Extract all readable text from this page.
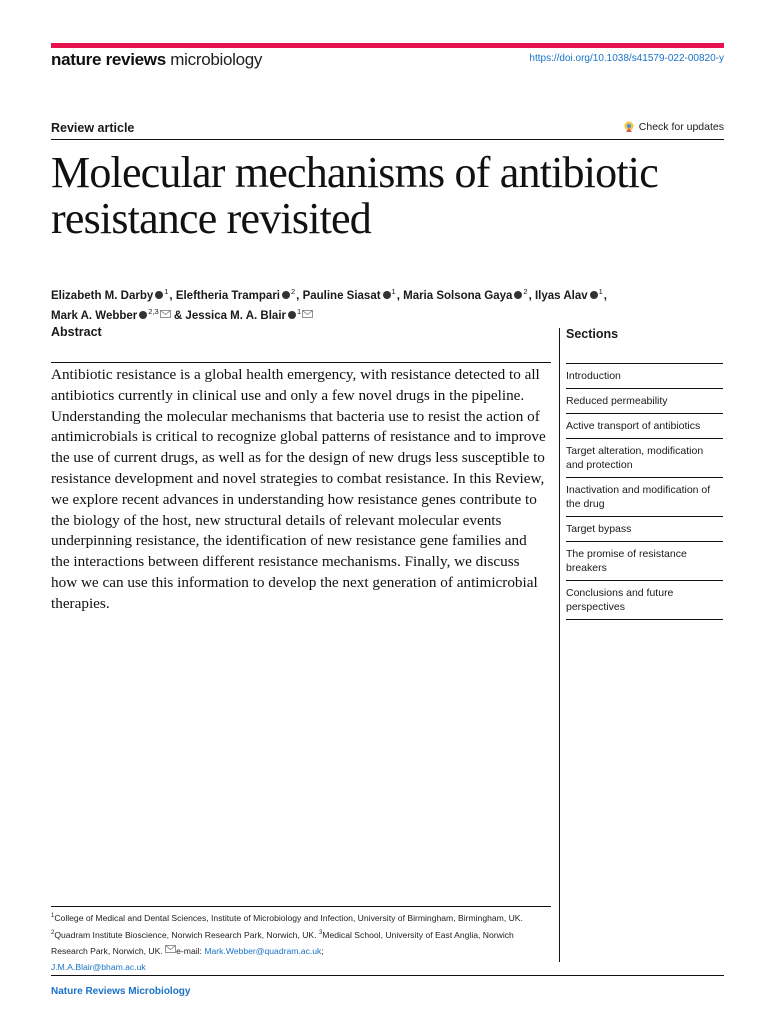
nature reviews microbiology	https://doi.org/10.1038/s41579-022-00820-y
Review article	Check for updates
Molecular mechanisms of antibiotic resistance revisited
Elizabeth M. Darby $^1$, Eleftheria Trampari $^2$, Pauline Siasat $^1$, Maria Solsona Gaya $^2$, Ilyas Alav $^1$,
Mark A. Webber $^{2,3}$ & Jessica M. A. Blair $^1$
Abstract
Antibiotic resistance is a global health emergency, with resistance detected to all antibiotics currently in clinical use and only a few novel drugs in the pipeline. Understanding the molecular mechanisms that bacteria use to resist the action of antimicrobials is critical to recognize global patterns of resistance and to improve the use of current drugs, as well as for the design of new drugs less susceptible to resistance development and novel strategies to combat resistance. In this Review, we explore recent advances in understanding how resistance genes contribute to the biology of the host, new structural details of relevant molecular events underpinning resistance, the identification of new resistance gene families and the interactions between different resistance mechanisms. Finally, we discuss how we can use this information to develop the next generation of antimicrobial therapies.
Sections
Introduction
Reduced permeability
Active transport of antibiotics
Target alteration, modification and protection
Inactivation and modification of the drug
Target bypass
The promise of resistance breakers
Conclusions and future perspectives
$^1$College of Medical and Dental Sciences, Institute of Microbiology and Infection, University of Birmingham, Birmingham, UK. $^2$Quadram Institute Bioscience, Norwich Research Park, Norwich, UK. $^3$Medical School, University of East Anglia, Norwich Research Park, Norwich, UK. e-mail: Mark.Webber@quadram.ac.uk;
J.M.A.Blair@bham.ac.uk
Nature Reviews Microbiology
